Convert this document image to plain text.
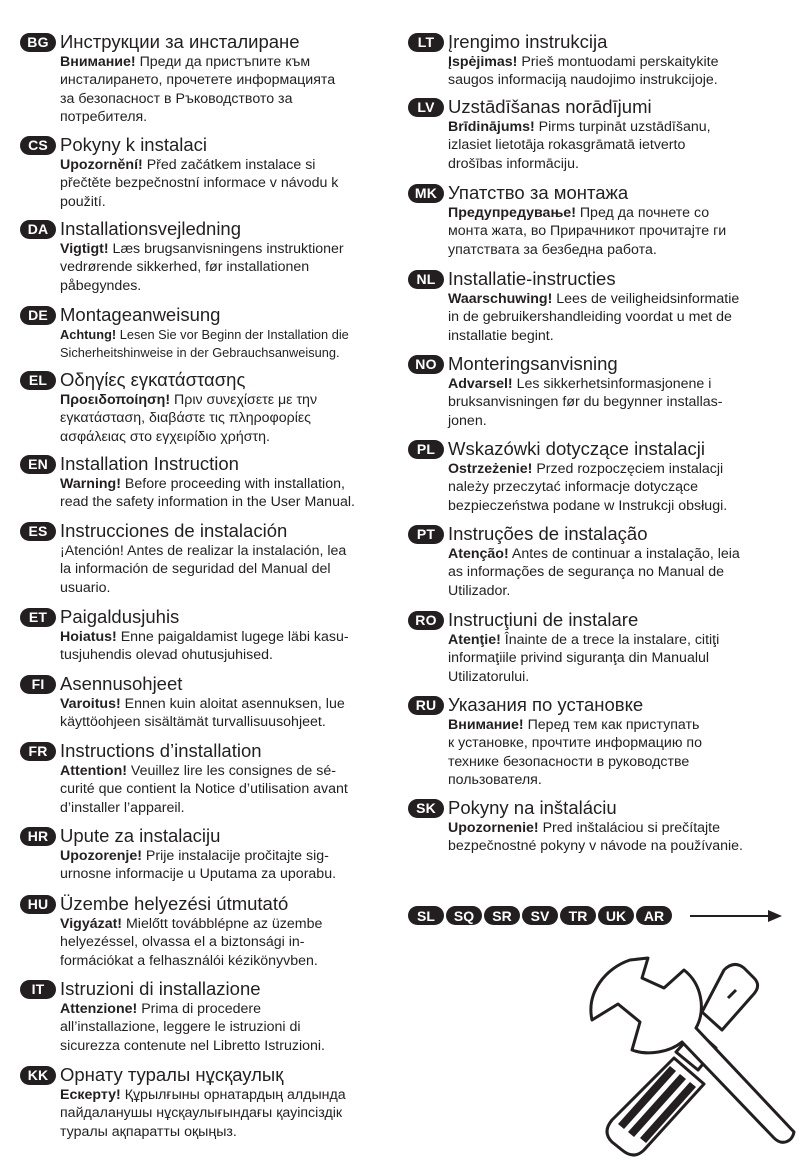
BG Инструкции за инсталиране
Внимание! Преди да пристъпите към
инсталирането, прочетете информацията
за безопасност в Ръководството за
потребителя.
CS Pokyny k instalaci
Upozornění! Před začátkem instalace si
přečtěte bezpečnostní informace v návodu k
použití.
DA Installationsvejledning
Vigtigt! Læs brugsanvisningens instruktioner
vedrørende sikkerhed, før installationen
påbegyndes.
DE Montageanweisung
Achtung! Lesen Sie vor Beginn der Installation die
Sicherheitshinweise in der Gebrauchsanweisung.
EL Οδηγίες εγκατάστασης
Προειδοποίηση! Πριν συνεχίσετε με την
εγκατάσταση, διαβάστε τις πληροφορίες
ασφάλειας στο εγχειρίδιο χρήστη.
EN Installation Instruction
Warning! Before proceeding with installation,
read the safety information in the User Manual.
ES Instrucciones de instalación
¡Atención! Antes de realizar la instalación, lea
la información de seguridad del Manual del
usuario.
ET Paigaldusjuhis
Hoiatus! Enne paigaldamist lugege läbi kasu-
tusjuhendis olevad ohutusjuhised.
FI Asennusohjeet
Varoitus! Ennen kuin aloitat asennuksen, lue
käyttöohjeen sisältämät turvallisuusohjeet.
FR Instructions d’installation
Attention! Veuillez lire les consignes de sé-
curité que contient la Notice d’utilisation avant
d’installer l’appareil.
HR Upute za instalaciju
Upozorenje! Prije instalacije pročitajte sig-
urnosne informacije u Uputama za uporabu.
HU Üzembe helyezési útmutató
Vigyázat! Mielőtt továbblépne az üzembe
helyezéssel, olvassa el a biztonsági in-
formációkat a felhasználói kézikönyvben.
IT Istruzioni di installazione
Attenzione! Prima di procedere
all’installazione, leggere le istruzioni di
sicurezza contenute nel Libretto Istruzioni.
KK Орнату туралы нұсқаулық
Ескерту! Құрылғыны орнатардың алдында
пайдаланушы нұсқаулығындағы қауіпсіздік
туралы ақпаратты оқыңыз.
LT Įrengimo instrukcija
Įspėjimas! Prieš montuodami perskaitykite
saugos informaciją naudojimo instrukcijoje.
LV Uzstādīšanas norādījumi
Brīdinājums! Pirms turpināt uzstādīšanu,
izlasiet lietotāja rokasgrāmatā ietverto
drošības informāciju.
MK Упатство за монтажа
Предупредување! Пред да почнете со
монта жата, во Прирачникот прочитајте ги
упатствата за безбедна работа.
NL Installatie-instructies
Waarschuwing! Lees de veiligheidsinformatie
in de gebruikershandleiding voordat u met de
installatie begint.
NO Monteringsanvisning
Advarsel! Les sikkerhetsinformasjonene i
bruksanvisningen før du begynner installas-
jonen.
PL Wskazówki dotyczące instalacji
Ostrzeżenie! Przed rozpoczęciem instalacji
należy przeczytać informacje dotyczące
bezpieczeństwa podane w Instrukcji obsługi.
PT Instruções de instalação
Atenção! Antes de continuar a instalação, leia
as informações de segurança no Manual de
Utilizador.
RO Instrucţiuni de instalare
Atenţie! Înainte de a trece la instalare, citiţi
informaţiile privind siguranţa din Manualul
Utilizatorului.
RU Указания по установке
Внимание! Перед тем как приступать
к установке, прочтите информацию по
технике безопасности в руководстве
пользователя.
SK Pokyny na inštaláciu
Upozornenie! Pred inštaláciou si prečítajte
bezpečnostné pokyny v návode na používanie.
SL	SQ	SR	SV	TR	UK	AR
